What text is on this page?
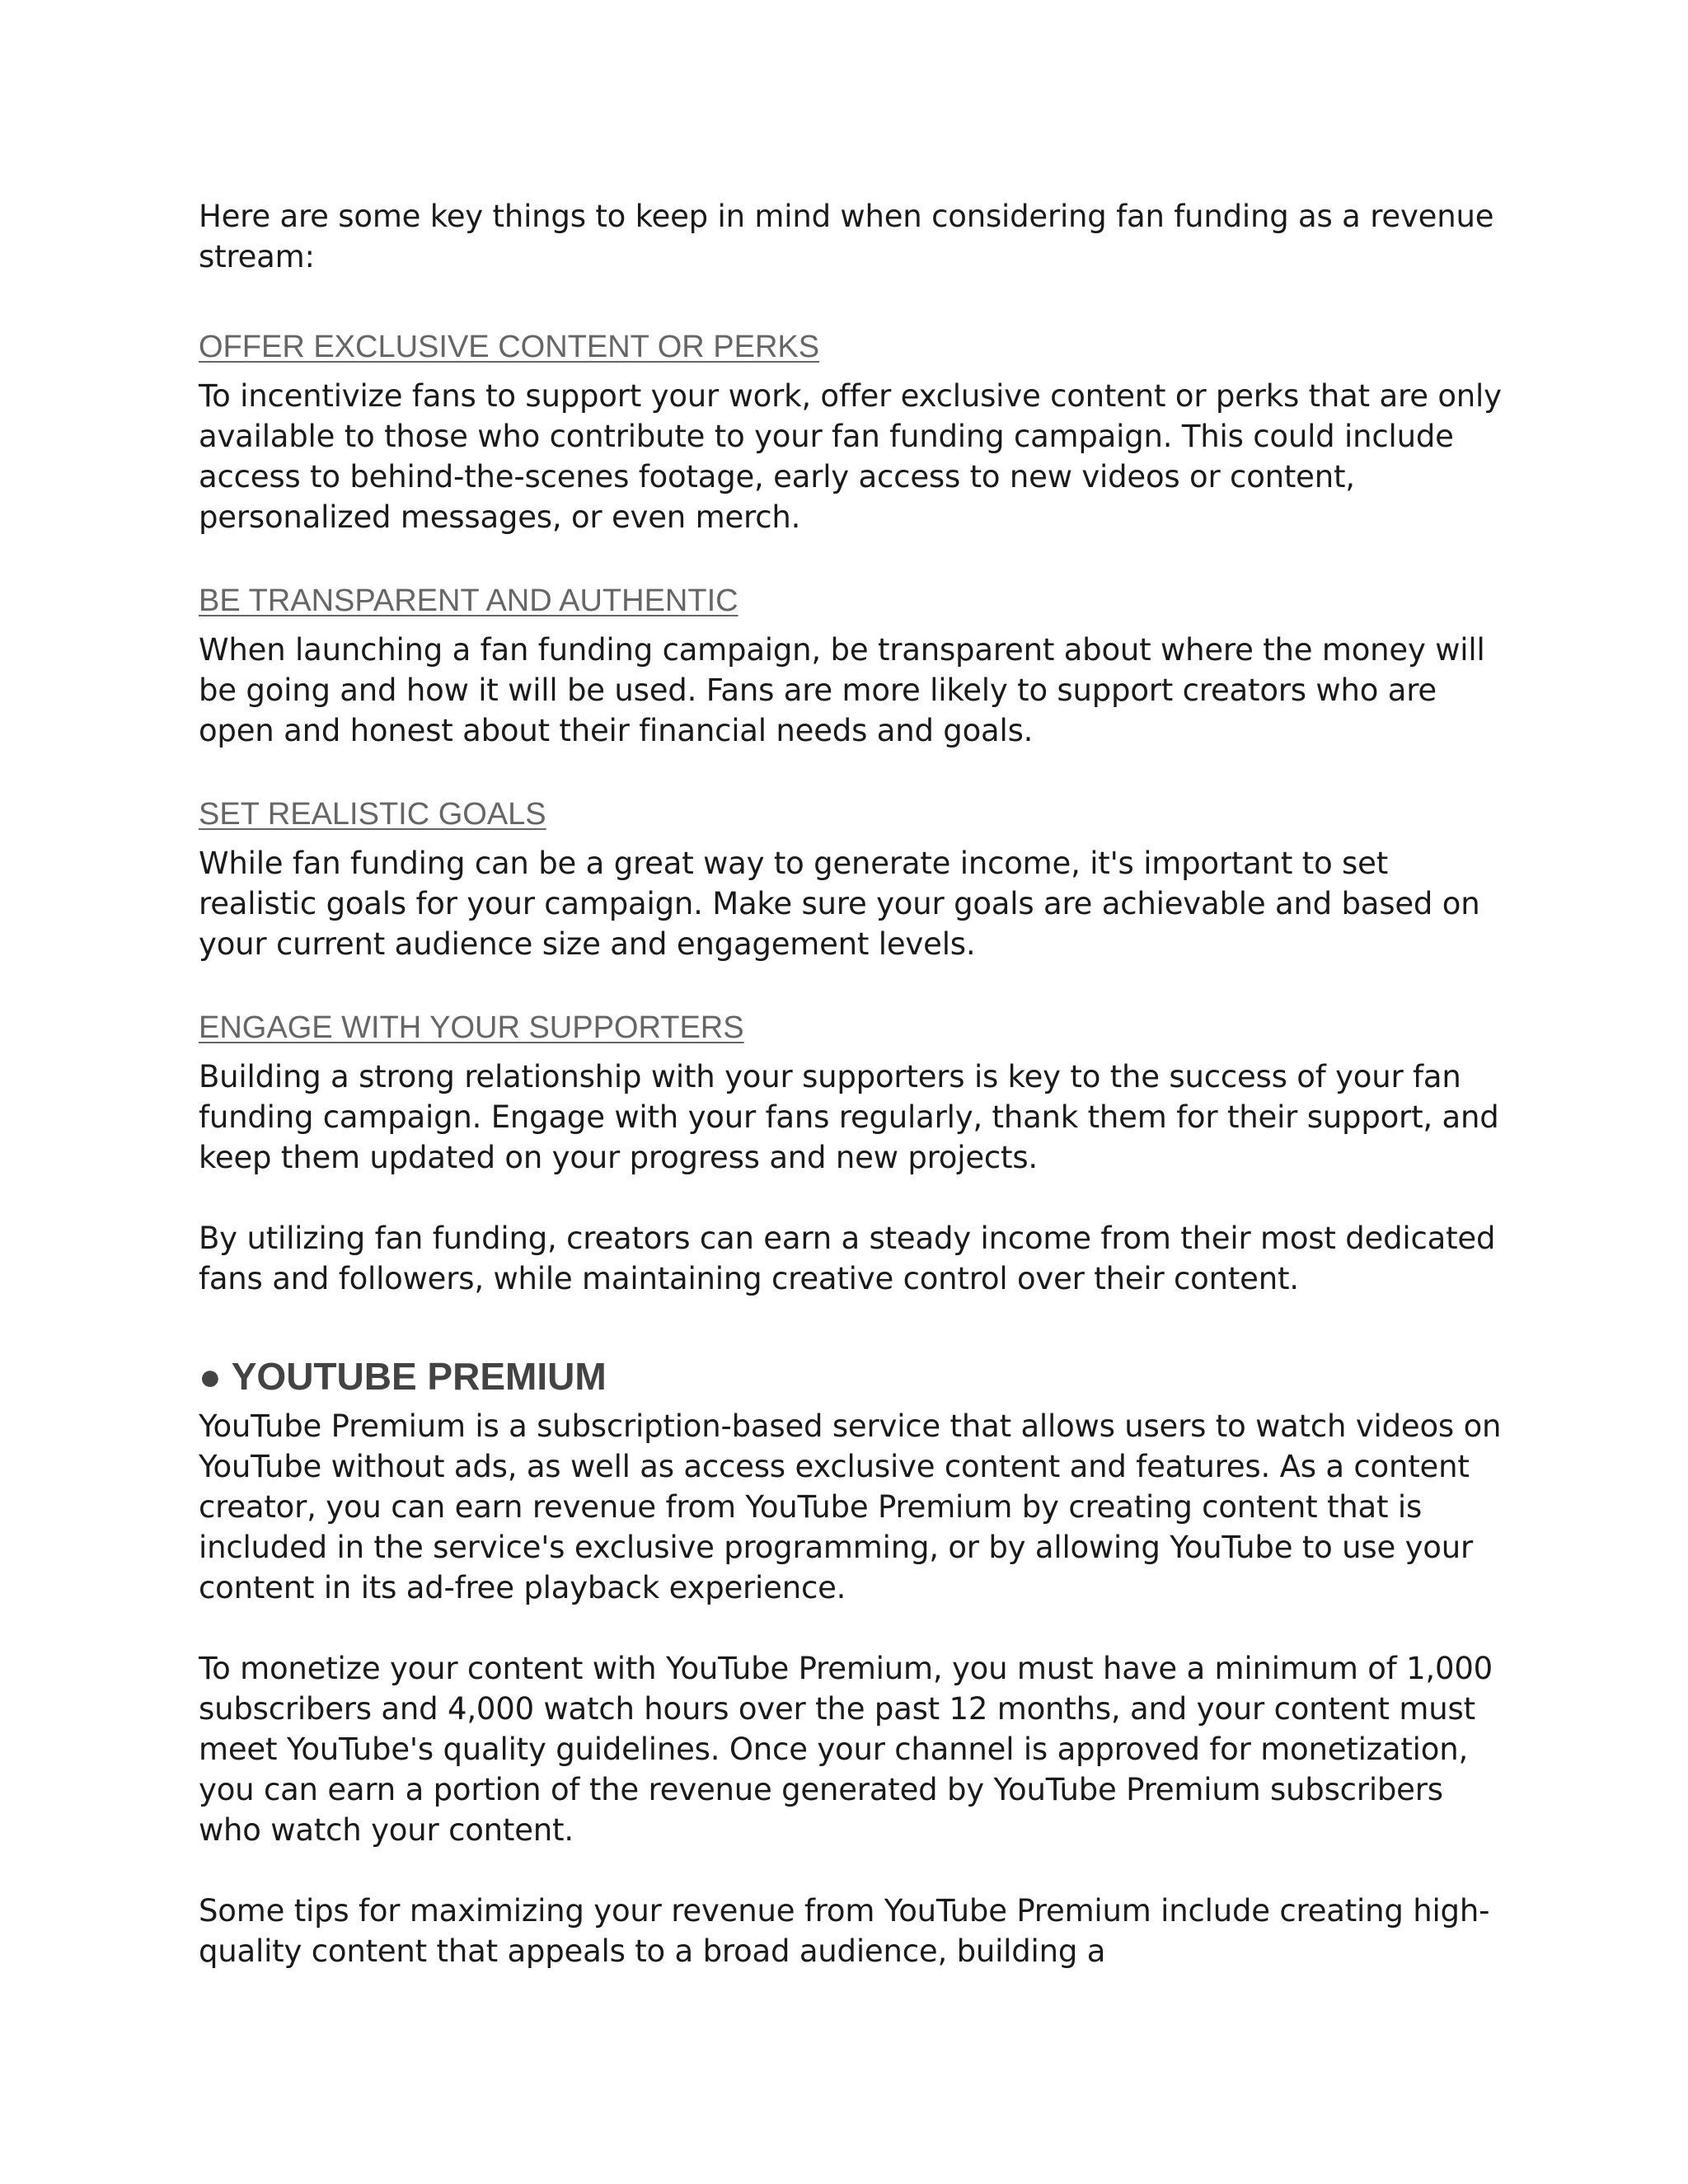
Here are some key things to keep in mind when considering fan funding as a revenue stream:

OFFER EXCLUSIVE CONTENT OR PERKS

To incentivize fans to support your work, offer exclusive content or perks that are only available to those who contribute to your fan funding campaign. This could include access to behind-the-scenes footage, early access to new videos or content, personalized messages, or even merch.

BE TRANSPARENT AND AUTHENTIC

When launching a fan funding campaign, be transparent about where the money will be going and how it will be used. Fans are more likely to support creators who are open and honest about their financial needs and goals.

SET REALISTIC GOALS

While fan funding can be a great way to generate income, it's important to set realistic goals for your campaign. Make sure your goals are achievable and based on your current audience size and engagement levels.

ENGAGE WITH YOUR SUPPORTERS

Building a strong relationship with your supporters is key to the success of your fan funding campaign. Engage with your fans regularly, thank them for their support, and keep them updated on your progress and new projects.

By utilizing fan funding, creators can earn a steady income from their most dedicated fans and followers, while maintaining creative control over their content.

● YOUTUBE PREMIUM

YouTube Premium is a subscription-based service that allows users to watch videos on YouTube without ads, as well as access exclusive content and features. As a content creator, you can earn revenue from YouTube Premium by creating content that is included in the service's exclusive programming, or by allowing YouTube to use your content in its ad-free playback experience.

To monetize your content with YouTube Premium, you must have a minimum of 1,000 subscribers and 4,000 watch hours over the past 12 months, and your content must meet YouTube's quality guidelines. Once your channel is approved for monetization, you can earn a portion of the revenue generated by YouTube Premium subscribers who watch your content.

Some tips for maximizing your revenue from YouTube Premium include creating high-quality content that appeals to a broad audience, building a
